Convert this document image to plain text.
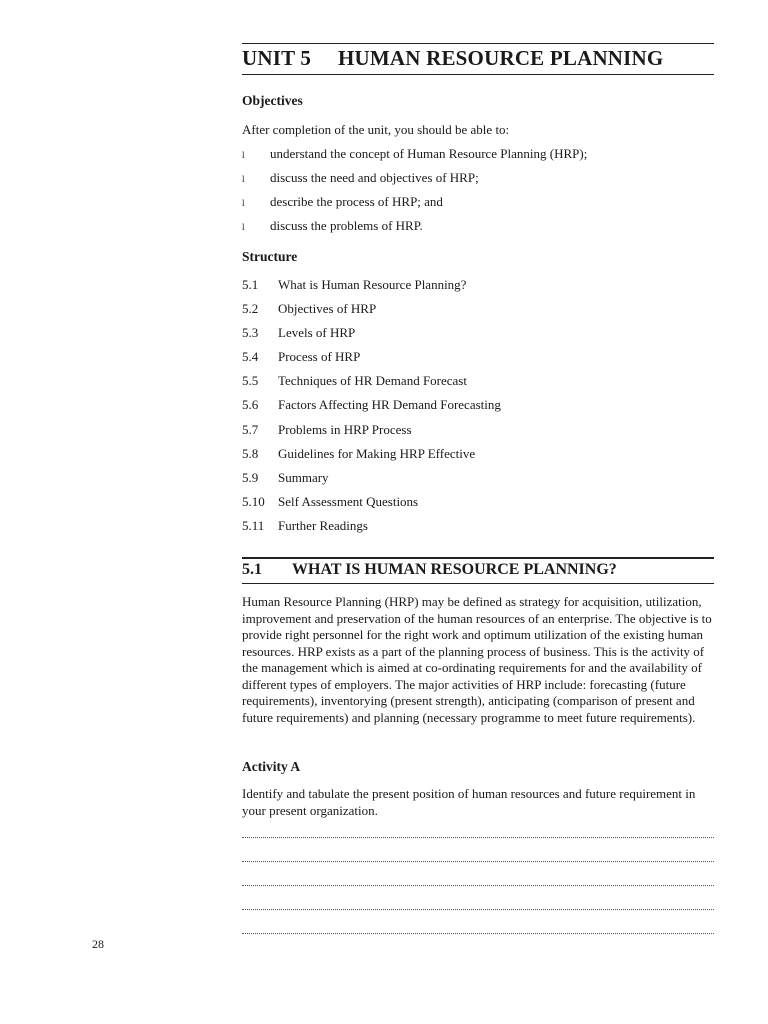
UNIT 5 HUMAN RESOURCE PLANNING
Objectives
After completion of the unit, you should be able to:
l understand the concept of Human Resource Planning (HRP);
l discuss the need and objectives of HRP;
l describe the process of HRP; and
l discuss the problems of HRP.
Structure
5.1 What is Human Resource Planning?
5.2 Objectives of HRP
5.3 Levels of HRP
5.4 Process of HRP
5.5 Techniques of HR Demand Forecast
5.6 Factors Affecting HR Demand Forecasting
5.7 Problems in HRP Process
5.8 Guidelines for Making HRP Effective
5.9 Summary
5.10 Self Assessment Questions
5.11 Further Readings
5.1 WHAT IS HUMAN RESOURCE PLANNING?
Human Resource Planning (HRP) may be defined as strategy for acquisition, utilization, improvement and preservation of the human resources of an enterprise. The objective is to provide right personnel for the right work and optimum utilization of the existing human resources. HRP exists as a part of the planning process of business. This is the activity of the management which is aimed at co-ordinating requirements for and the availability of different types of employers. The major activities of HRP include: forecasting (future requirements), inventorying (present strength), anticipating (comparison of present and future requirements) and planning (necessary programme to meet future requirements).
Activity A
Identify and tabulate the present position of human resources and future requirement in your present organization.
28
